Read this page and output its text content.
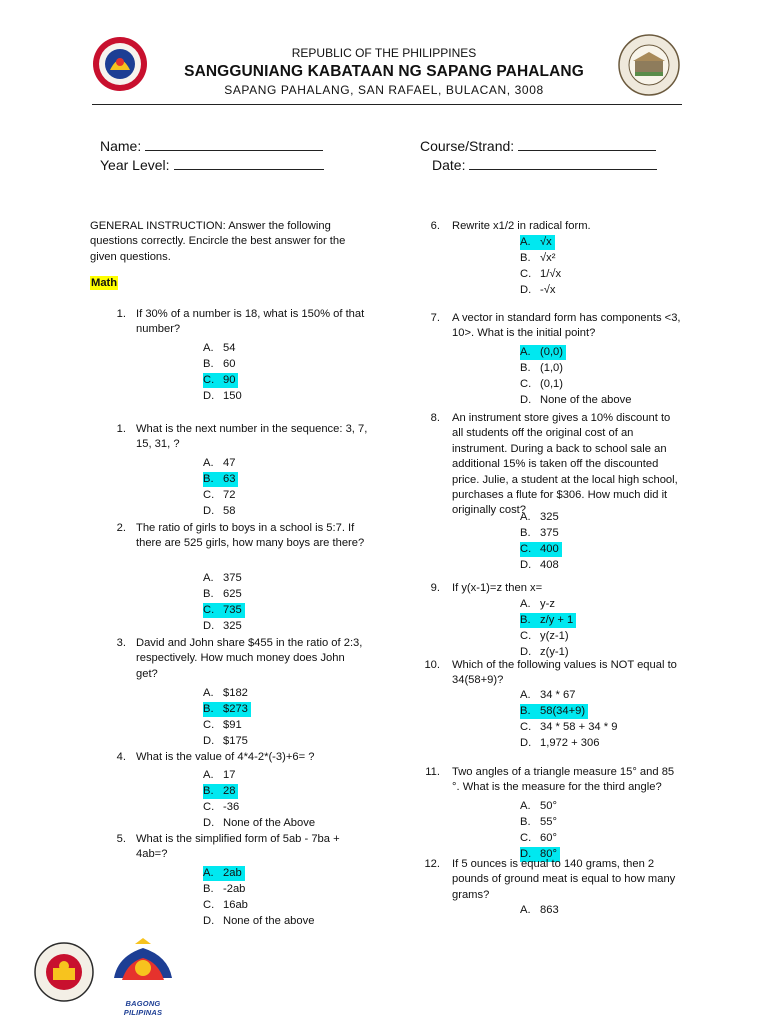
REPUBLIC OF THE PHILIPPINES
SANGGUNIANG KABATAAN NG SAPANG PAHALANG
SAPANG PAHALANG, SAN RAFAEL, BULACAN, 3008
Name:
Year Level:
Course/Strand:
Date:
GENERAL INSTRUCTION: Answer the following questions correctly. Encircle the best answer for the given questions.
Math
BAGONG PILIPINAS
1. If 30% of a number is 18, what is 150% of that number?
A. 54
B. 60
C. 90
D. 150
1. What is the next number in the sequence: 3, 7, 15, 31, ?
A. 47
B. 63
C. 72
D. 58
2. The ratio of girls to boys in a school is 5:7. If there are 525 girls, how many boys are there?
A. 375
B. 625
C. 735
D. 325
3. David and John share $455 in the ratio of 2:3, respectively. How much money does John get?
A. $182
B. $273
C. $91
D. $175
4. What is the value of 4*4-2*(-3)+6= ?
A. 17
B. 28
C. -36
D. None of the Above
5. What is the simplified form of 5ab - 7ba + 4ab=?
A. 2ab
B. -2ab
C. 16ab
D. None of the above
6. Rewrite x1/2 in radical form.
A. √x
B. √x²
C. 1/√x
D. -√x
7. A vector in standard form has components <3, 10>. What is the initial point?
A. (0,0)
B. (1,0)
C. (0,1)
D. None of the above
8. An instrument store gives a 10% discount to all students off the original cost of an instrument. During a back to school sale an additional 15% is taken off the discounted price. Julie, a student at the local high school, purchases a flute for $306. How much did it originally cost?
A. 325
B. 375
C. 400
D. 408
9. If y(x-1)=z then x=
A. y-z
B. z/y + 1
C. y(z-1)
D. z(y-1)
10. Which of the following values is NOT equal to 34(58+9)?
A. 34 * 67
B. 58(34+9)
C. 34 * 58 + 34 * 9
D. 1,972 + 306
11. Two angles of a triangle measure 15° and 85 °. What is the measure for the third angle?
A. 50°
B. 55°
C. 60°
D. 80°
12. If 5 ounces is equal to 140 grams, then 2 pounds of ground meat is equal to how many grams?
A. 863
